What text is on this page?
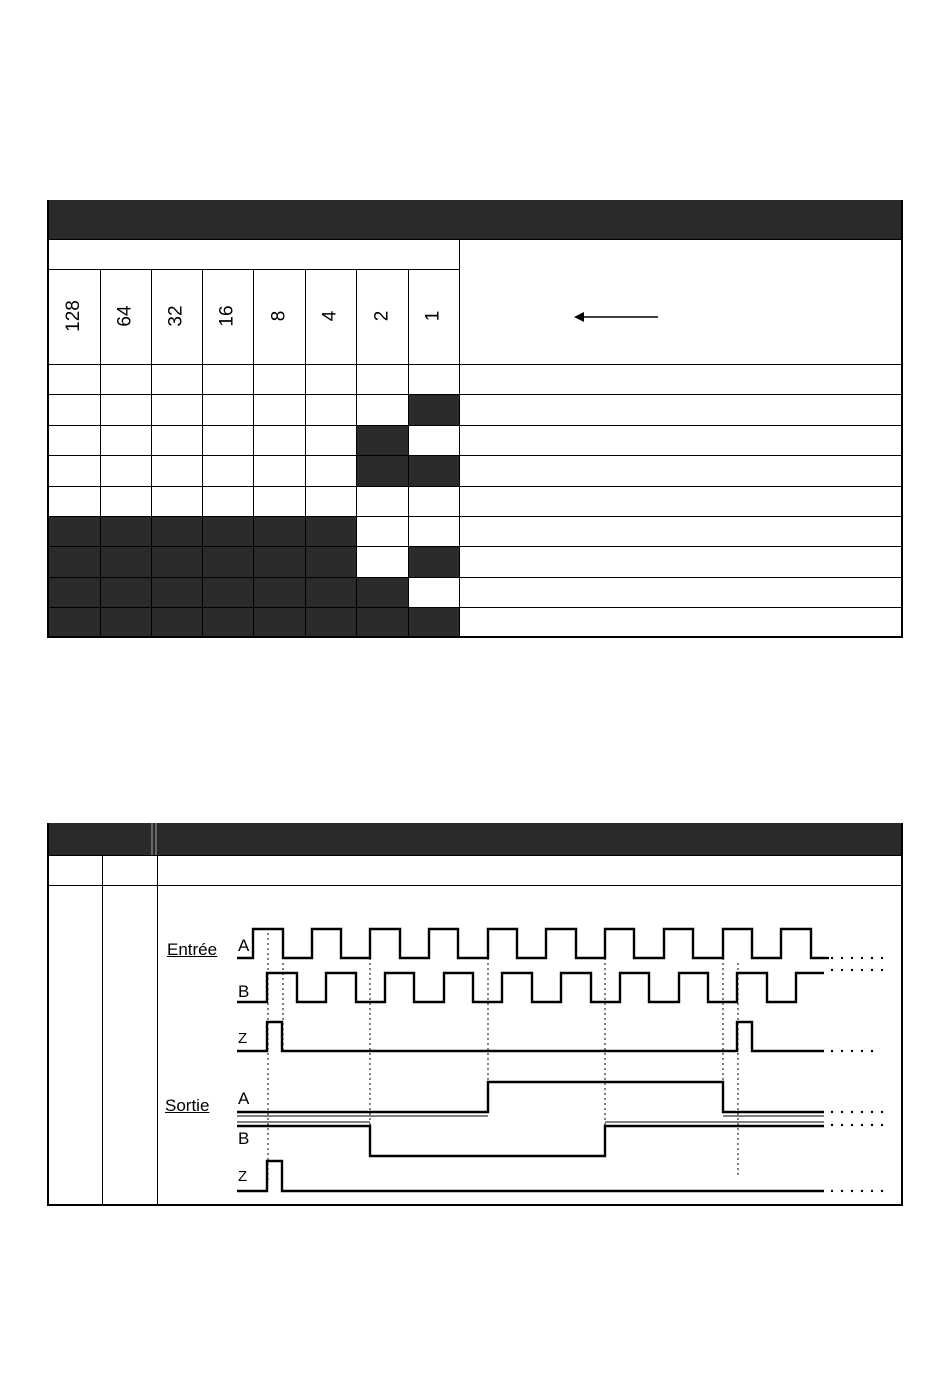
128 64 32 16 8 4 2 1
Entrée
Sortie
A
B
Z
A
B
Z
